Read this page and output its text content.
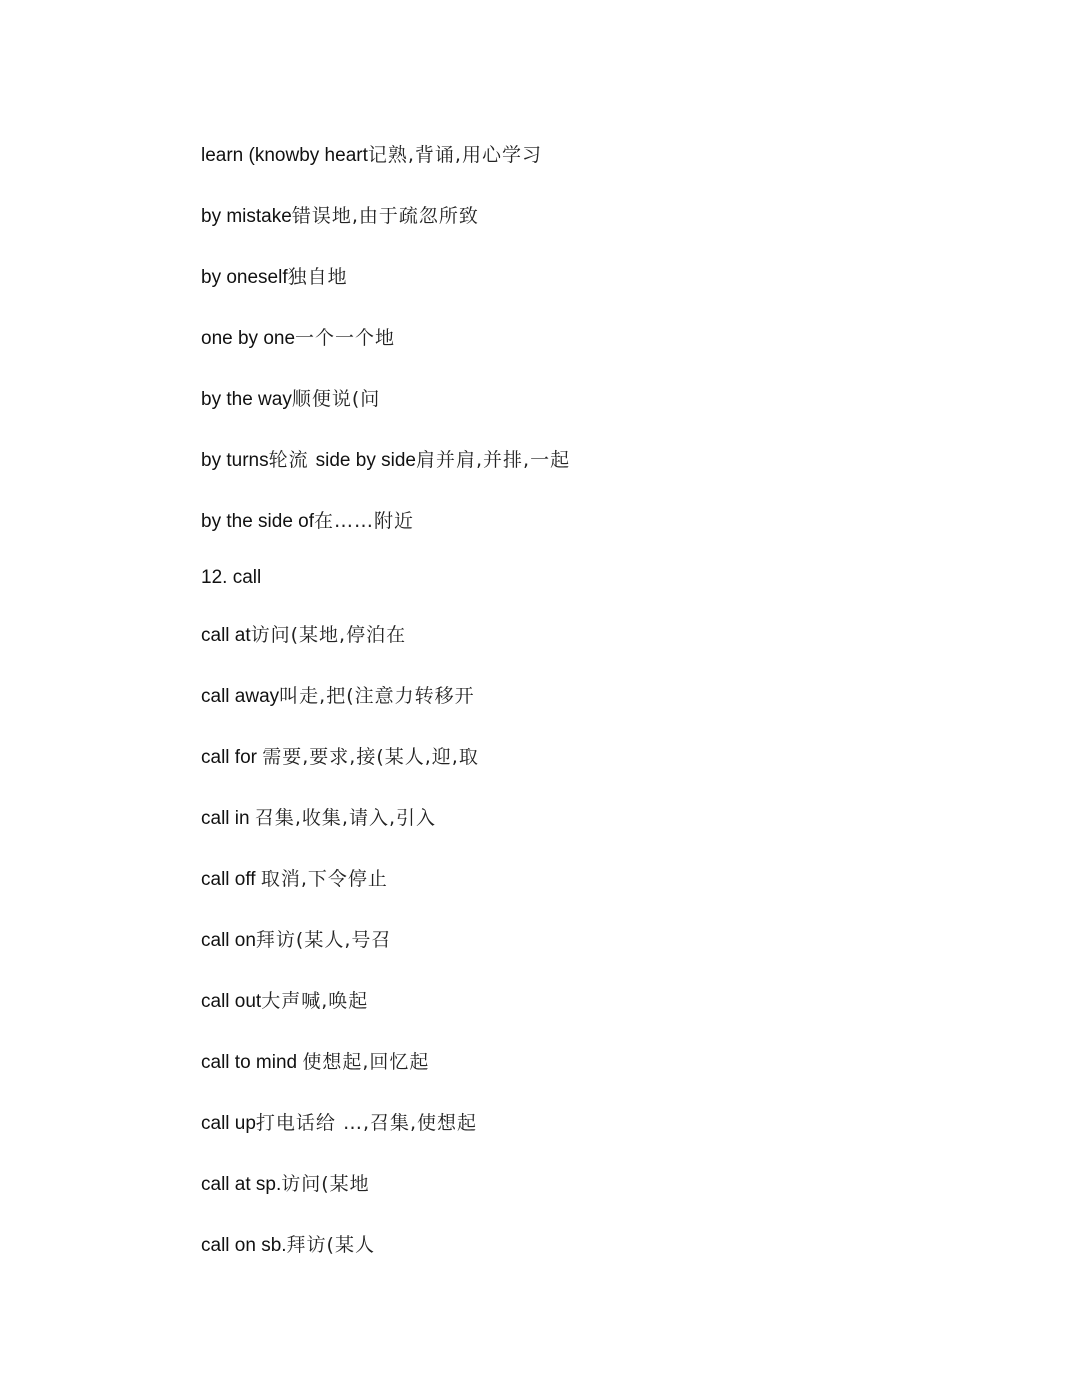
learn (knowby heart记熟,背诵,用心学习
by mistake错误地,由于疏忽所致
by oneself独自地
one by one一个一个地
by the way顺便说(问
by turns轮流 side by side肩并肩,并排,一起
by the side of在……附近
12. call
call at访问(某地,停泊在
call away叫走,把(注意力转移开
call for 需要,要求,接(某人,迎,取
call in 召集,收集,请入,引入
call off 取消,下令停止
call on拜访(某人,号召
call out大声喊,唤起
call to mind 使想起,回忆起
call up打电话给 …,召集,使想起
call at sp.访问(某地
call on sb.拜访(某人
